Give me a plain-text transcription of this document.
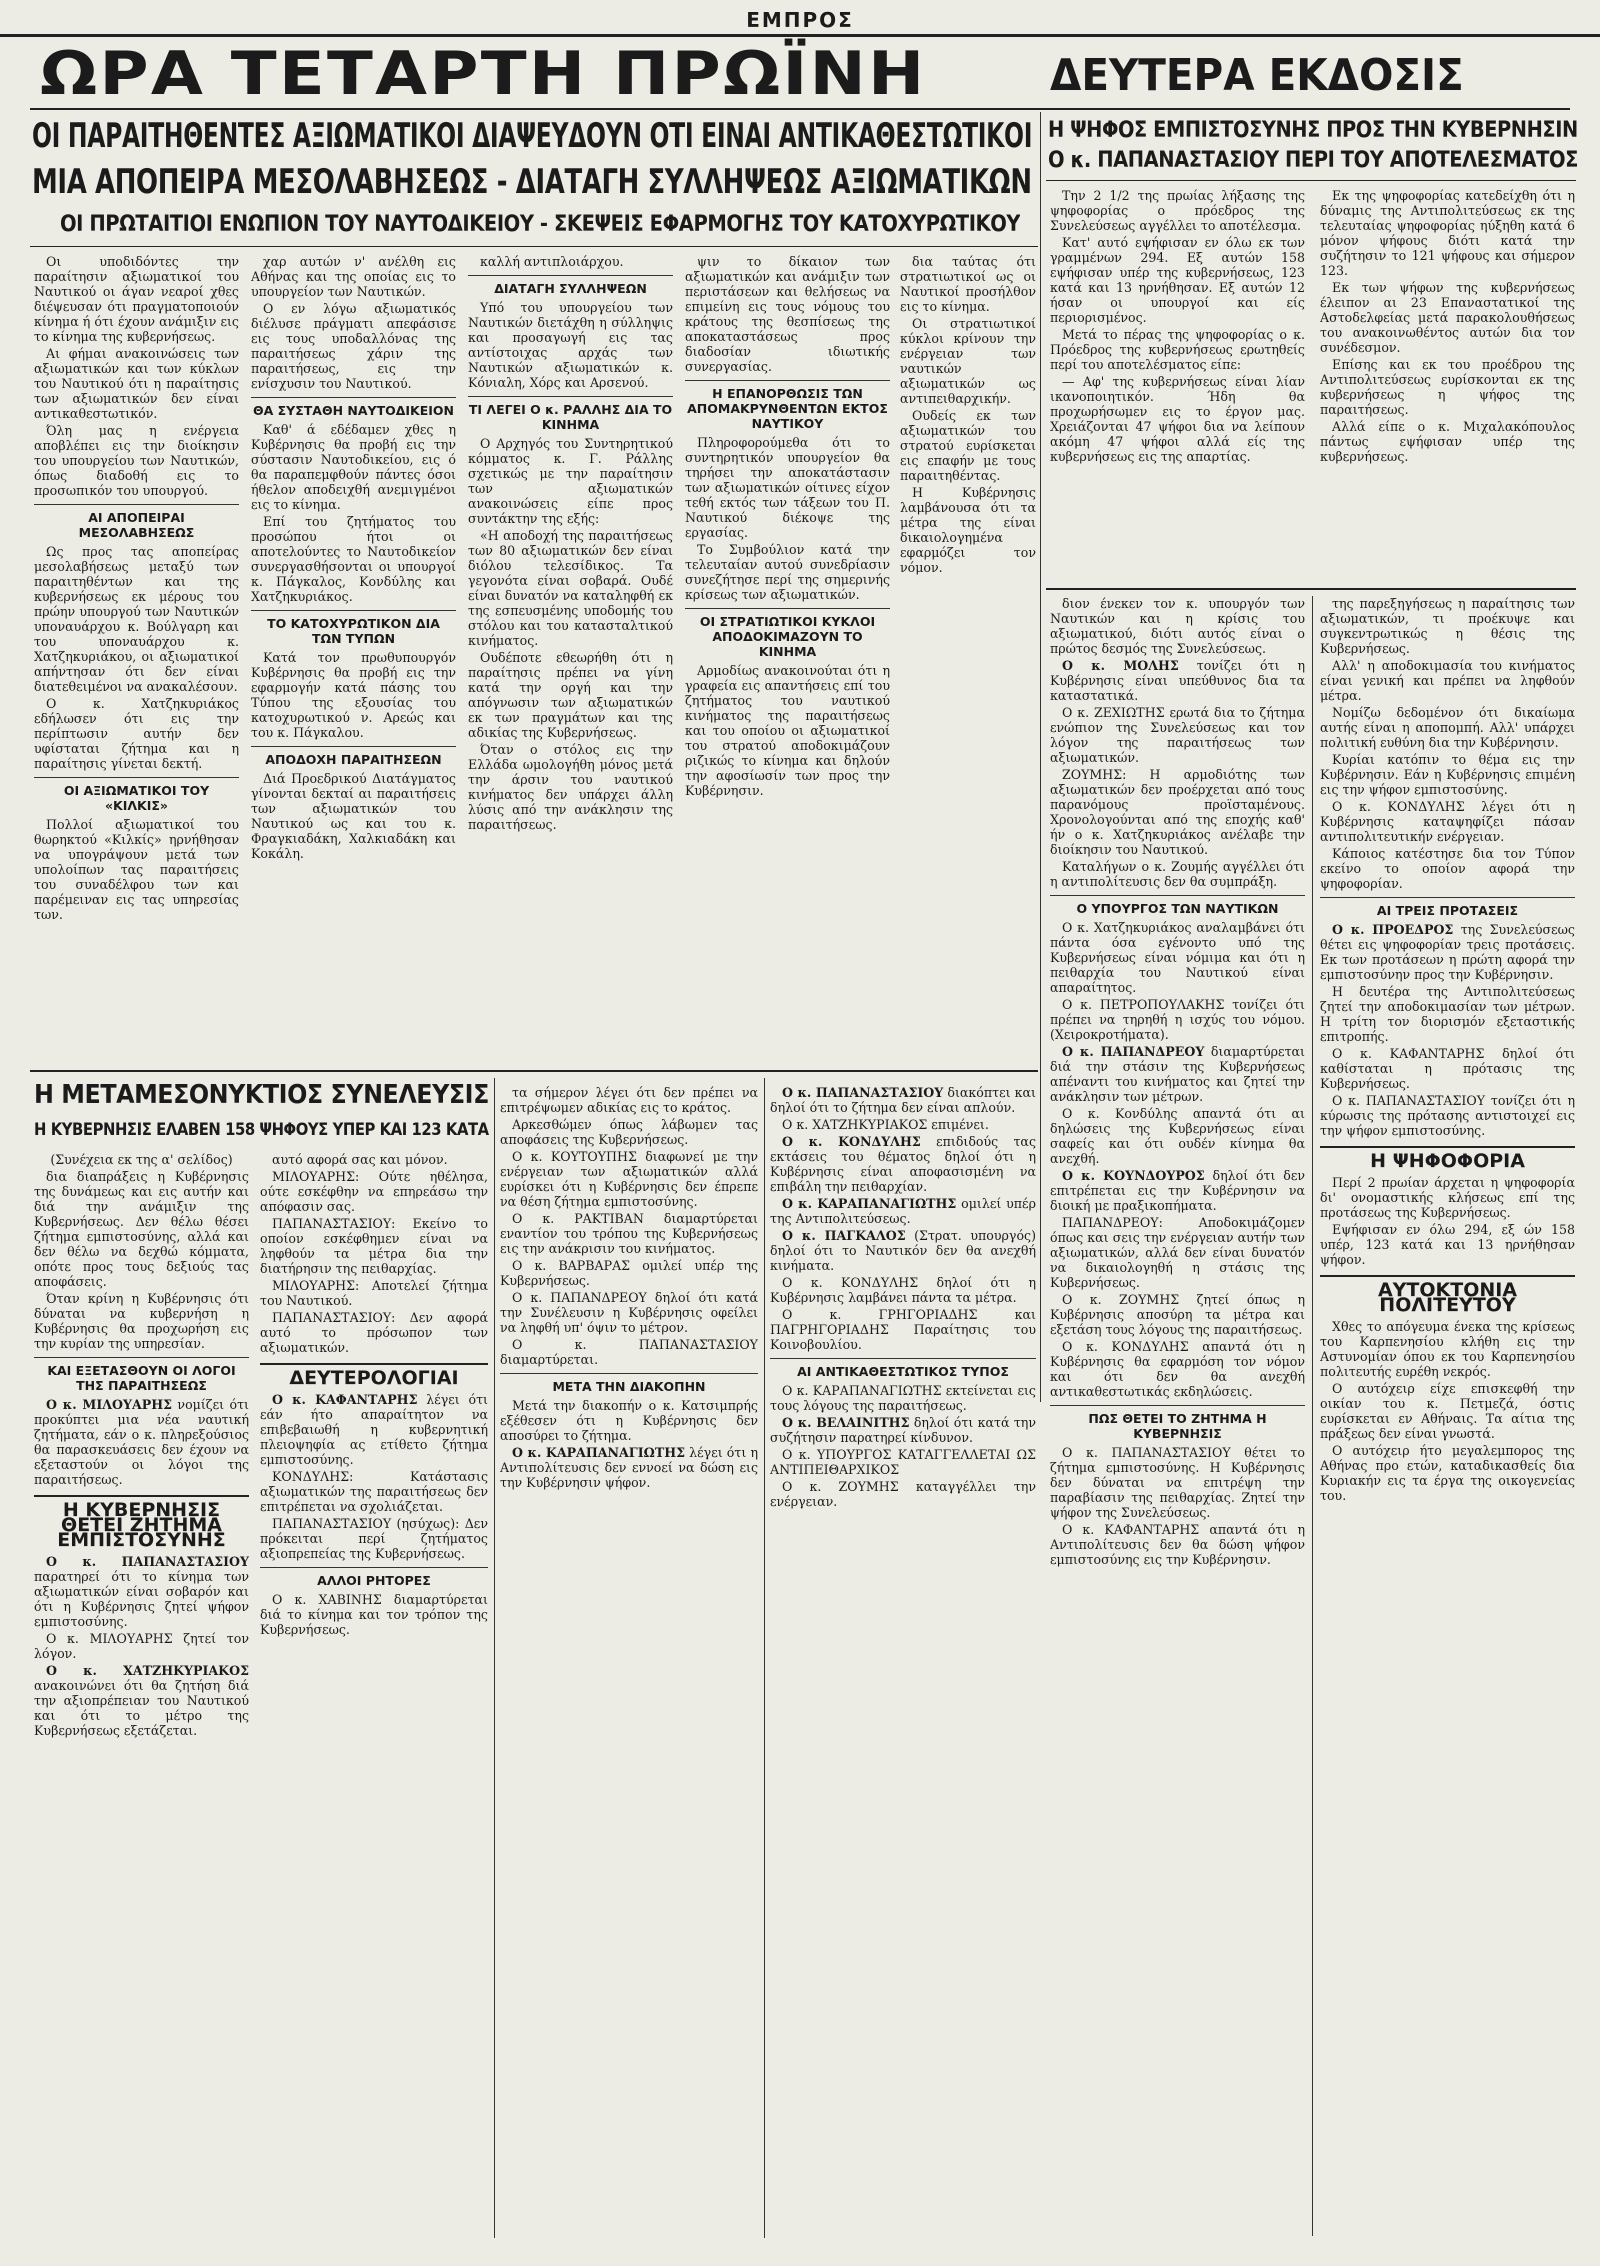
ΕΜΠΡΟΣ
ΩΡΑ ΤΕΤΑΡΤΗ ΠΡΩΪΝΗ	ΔΕΥΤΕΡΑ ΕΚΔΟΣΙΣ
ΟΙ ΠΑΡΑΙΤΗΘΕΝΤΕΣ ΑΞΙΩΜΑΤΙΚΟΙ ΔΙΑΨΕΥΔΟΥΝ ΟΤΙ ΕΙΝΑΙ ΑΝΤΙΚΑΘΕΣΤΩΤΙΚΟΙ
ΜΙΑ ΑΠΟΠΕΙΡΑ ΜΕΣΟΛΑΒΗΣΕΩΣ - ΔΙΑΤΑΓΗ ΣΥΛΛΗΨΕΩΣ ΑΞΙΩΜΑΤΙΚΩΝ
ΟΙ ΠΡΩΤΑΙΤΙΟΙ ΕΝΩΠΙΟΝ ΤΟΥ ΝΑΥΤΟΔΙΚΕΙΟΥ - ΣΚΕΨΕΙΣ ΕΦΑΡΜΟΓΗΣ ΤΟΥ ΚΑΤΟΧΥΡΩΤΙΚΟΥ

Οι υποδιδόντες την παραίτησιν αξιωματικοί του Ναυτικού οι άγαν νεαροί χθες διέψευσαν ότι πραγματοποιούν κίνημα ή ότι έχουν ανάμιξιν εις το κίνημα της κυβερνήσεως.

Αι φήμαι ανακοινώσεις των αξιωματικών και των κύκλων του Ναυτικού ότι η παραίτησις των αξιωματικών δεν είναι αντικαθεστωτικόν.

Όλη μας η ενέργεια αποβλέπει εις την διοίκησιν του υπουργείου των Ναυτικών, όπως διαδοθή εις το προσωπικόν του υπουργού.

ΑΙ ΑΠΟΠΕΙΡΑΙ ΜΕΣΟΛΑΒΗΣΕΩΣ

Ως προς τας αποπείρας μεσολαβήσεως μεταξύ των παραιτηθέντων και της κυβερνήσεως εκ μέρους του πρώην υπουργού των Ναυτικών υποναυάρχου κ. Βούλγαρη και του υποναυάρχου κ. Χατζηκυριάκου, οι αξιωματικοί απήντησαν ότι δεν είναι διατεθειμένοι να ανακαλέσουν.

Ο κ. Χατζηκυριάκος εδήλωσεν ότι εις την περίπτωσιν αυτήν δεν υφίσταται ζήτημα και η παραίτησις γίνεται δεκτή.

ΟΙ ΑΞΙΩΜΑΤΙΚΟΙ ΤΟΥ «ΚΙΛΚΙΣ»

Πολλοί αξιωματικοί του θωρηκτού «Κιλκίς» ηρνήθησαν να υπογράψουν μετά των υπολοίπων τας παραιτήσεις του συναδέλφου των και παρέμειναν εις τας υπηρεσίας των.

χαρ αυτών ν' ανέλθη εις Αθήνας και της οποίας εις το υπουργείον των Ναυτικών.

Ο εν λόγω αξιωματικός διέλυσε πράγματι απεφάσισε εις τους υποδαλλόνας της παραιτήσεως χάριν της παραιτήσεως, εις την ενίσχυσιν του Ναυτικού.

ΘΑ ΣΥΣΤΑΘΗ ΝΑΥΤΟΔΙΚΕΙΟΝ

Καθ' ά εδέδαμεν χθες η Κυβέρνησις θα προβή εις την σύστασιν Ναυτοδικείου, εις ό θα παραπεμφθούν πάντες όσοι ήθελον αποδειχθή ανεμιγμένοι εις το κίνημα.

Επί του ζητήματος του προσώπου ήτοι οι αποτελούντες το Ναυτοδικείον συνεργασθήσονται οι υπουργοί κ. Πάγκαλος, Κονδύλης και Χατζηκυριάκος.

ΤΟ ΚΑΤΟΧΥΡΩΤΙΚΟΝ ΔΙΑ ΤΩΝ ΤΥΠΩΝ

Κατά τον πρωθυπουργόν Κυβέρνησις θα προβή εις την εφαρμογήν κατά πάσης του Τύπου της εξουσίας του κατοχυρωτικού ν. Αρεώς και του κ. Πάγκαλου.

ΑΠΟΔΟΧΗ ΠΑΡΑΙΤΗΣΕΩΝ

Διά Προεδρικού Διατάγματος γίνονται δεκταί αι παραιτήσεις των αξιωματικών του Ναυτικού ως και του κ. Φραγκιαδάκη, Χαλκιαδάκη και Κοκάλη.

καλλή αντιπλοιάρχου.

ΔΙΑΤΑΓΗ ΣΥΛΛΗΨΕΩΝ

Υπό του υπουργείου των Ναυτικών διετάχθη η σύλληψις και προσαγωγή εις τας αντίστοιχας αρχάς των Ναυτικών αξιωματικών κ. Κόνιαλη, Χόρς και Αρσενού.

ΤΙ ΛΕΓΕΙ Ο κ. ΡΑΛΛΗΣ ΔΙΑ ΤΟ ΚΙΝΗΜΑ

Ο Αρχηγός του Συντηρητικού κόμματος κ. Γ. Ράλλης σχετικώς με την παραίτησιν των αξιωματικών ανακοινώσεις είπε προς συντάκτην της εξής:

«Η αποδοχή της παραιτήσεως των 80 αξιωματικών δεν είναι διόλου τελεσίδικος. Τα γεγονότα είναι σοβαρά. Ουδέ είναι δυνατόν να καταληφθή εκ της εσπευσμένης υποδομής του στόλου και του κατασταλτικού κινήματος.

Ουδέποτε εθεωρήθη ότι η παραίτησις πρέπει να γίνη κατά την οργή και την απόγνωσιν των αξιωματικών εκ των πραγμάτων και της αδικίας της Κυβερνήσεως.

Όταν ο στόλος εις την Ελλάδα ωμολογήθη μόνος μετά την άρσιν του ναυτικού κινήματος δεν υπάρχει άλλη λύσις από την ανάκλησιν της παραιτήσεως.

ψιν το δίκαιον των αξιωματικών και ανάμιξιν των περιστάσεων και θελήσεως να επιμείνη εις τους νόμους του κράτους της θεσπίσεως της αποκαταστάσεως προς διαδοσίαν ιδιωτικής συνεργασίας.

Η ΕΠΑΝΟΡΘΩΣΙΣ ΤΩΝ ΑΠΟΜΑΚΡΥΝΘΕΝΤΩΝ ΕΚΤΟΣ ΝΑΥΤΙΚΟΥ

Πληροφορούμεθα ότι το συντηρητικόν υπουργείον θα τηρήσει την αποκατάστασιν των αξιωματικών οίτινες είχον τεθή εκτός των τάξεων του Π. Ναυτικού διέκοψε της εργασίας.

Το Συμβούλιον κατά την τελευταίαν αυτού συνεδρίασιν συνεζήτησε περί της σημερινής κρίσεως των αξιωματικών.

ΟΙ ΣΤΡΑΤΙΩΤΙΚΟΙ ΚΥΚΛΟΙ ΑΠΟΔΟΚΙΜΑΖΟΥΝ ΤΟ ΚΙΝΗΜΑ

Αρμοδίως ανακοινούται ότι η γραφεία εις απαντήσεις επί του ζητήματος του ναυτικού κινήματος της παραιτήσεως και του οποίου οι αξιωματικοί του στρατού αποδοκιμάζουν ριζικώς το κίνημα και δηλούν την αφοσίωσίν των προς την Κυβέρνησιν.

δια ταύτας ότι στρατιωτικοί ως οι Ναυτικοί προσήλθον εις το κίνημα.

Οι στρατιωτικοί κύκλοι κρίνουν την ενέργειαν των ναυτικών αξιωματικών ως αντιπειθαρχικήν.

Ουδείς εκ των αξιωματικών του στρατού ευρίσκεται εις επαφήν με τους παραιτηθέντας.

Η Κυβέρνησις λαμβάνουσα ότι τα μέτρα της είναι δικαιολογημένα εφαρμόζει τον νόμον.

Η ΨΗΦΟΣ ΕΜΠΙΣΤΟΣΥΝΗΣ ΠΡΟΣ ΤΗΝ ΚΥΒΕΡΝΗΣΙΝ
Ο κ. ΠΑΠΑΝΑΣΤΑΣΙΟΥ ΠΕΡΙ ΤΟΥ ΑΠΟΤΕΛΕΣΜΑΤΟΣ

Την 2 1/2 της πρωίας λήξασης της ψηφοφορίας ο πρόεδρος της Συνελεύσεως αγγέλλει το αποτέλεσμα.

Κατ' αυτό εψήφισαν εν όλω εκ των γραμμένων 294. Εξ αυτών 158 εψήφισαν υπέρ της κυβερνήσεως, 123 κατά και 13 ηρνήθησαν. Εξ αυτών 12 ήσαν οι υπουργοί και είς περιορισμένος.

Μετά το πέρας της ψηφοφορίας ο κ. Πρόεδρος της κυβερνήσεως ερωτηθείς περί του αποτελέσματος είπε:

— Αφ' της κυβερνήσεως είναι λίαν ικανοποιητικόν. Ήδη θα προχωρήσωμεν εις το έργον μας. Χρειάζονται 47 ψήφοι δια να λείπουν ακόμη 47 ψήφοι αλλά είς της κυβερνήσεως εις της απαρτίας.

Εκ της ψηφοφορίας κατεδείχθη ότι η δύναμις της Αντιπολιτεύσεως εκ της τελευταίας ψηφοφορίας ηύξηθη κατά 6 μόνον ψήφους διότι κατά την συζήτησιν το 121 ψήφους και σήμερον 123.

Εκ των ψήφων της κυβερνήσεως έλειπον αι 23 Επαναστατικοί της Αστοδελφείας μετά παρακολουθήσεως του ανακοινωθέντος αυτών δια τον συνέδεσμον.

Επίσης και εκ του προέδρου της Αντιπολιτεύσεως ευρίσκονται εκ της κυβερνήσεως η ψήφος της παραιτήσεως.

Αλλά είπε ο κ. Μιχαλακόπουλος πάντως εψήφισαν υπέρ της κυβερνήσεως.

διον ένεκεν τον κ. υπουργόν των Ναυτικών και η κρίσις του αξιωματικού, διότι αυτός είναι ο πρώτος δεσμός της Συνελεύσεως.

Ο κ. ΜΟΛΗΣ τονίζει ότι η Κυβέρνησις είναι υπεύθυνος δια τα καταστατικά.

Ο κ. ΖΕΧΙΩΤΗΣ ερωτά δια το ζήτημα ενώπιον της Συνελεύσεως και τον λόγον της παραιτήσεως των αξιωματικών.

ΖΟΥΜΗΣ: Η αρμοδιότης των αξιωματικών δεν προέρχεται από τους παρανόμους προϊσταμένους. Χρονολογούνται από της εποχής καθ' ήν ο κ. Χατζηκυριάκος ανέλαβε την διοίκησιν του Ναυτικού.

Καταλήγων ο κ. Ζουμής αγγέλλει ότι η αντιπολίτευσις δεν θα συμπράξη.

Ο ΥΠΟΥΡΓΟΣ ΤΩΝ ΝΑΥΤΙΚΩΝ

Ο κ. Χατζηκυριάκος αναλαμβάνει ότι πάντα όσα εγένοντο υπό της Κυβερνήσεως είναι νόμιμα και ότι η πειθαρχία του Ναυτικού είναι απαραίτητος.

Ο κ. ΠΕΤΡΟΠΟΥΛΑΚΗΣ τονίζει ότι πρέπει να τηρηθή η ισχύς του νόμου. (Χειροκροτήματα).

Ο κ. ΠΑΠΑΝΔΡΕΟΥ διαμαρτύρεται διά την στάσιν της Κυβερνήσεως απέναντι του κινήματος και ζητεί την ανάκλησιν των μέτρων.

Ο κ. Κονδύλης απαντά ότι αι δηλώσεις της Κυβερνήσεως είναι σαφείς και ότι ουδέν κίνημα θα ανεχθή.

Ο κ. ΚΟΥΝΔΟΥΡΟΣ δηλοί ότι δεν επιτρέπεται εις την Κυβέρνησιν να διοική με πραξικοπήματα.

ΠΑΠΑΝΔΡΕΟΥ: Αποδοκιμάζομεν όπως και σεις την ενέργειαν αυτήν των αξιωματικών, αλλά δεν είναι δυνατόν να δικαιολογηθή η στάσις της Κυβερνήσεως.

Ο κ. ΖΟΥΜΗΣ ζητεί όπως η Κυβέρνησις αποσύρη τα μέτρα και εξετάση τους λόγους της παραιτήσεως.

Ο κ. ΚΟΝΔΥΛΗΣ απαντά ότι η Κυβέρνησις θα εφαρμόση τον νόμον και ότι δεν θα ανεχθή αντικαθεστωτικάς εκδηλώσεις.

ΠΩΣ ΘΕΤΕΙ ΤΟ ΖΗΤΗΜΑ Η ΚΥΒΕΡΝΗΣΙΣ

Ο κ. ΠΑΠΑΝΑΣΤΑΣΙΟΥ θέτει το ζήτημα εμπιστοσύνης. Η Κυβέρνησις δεν δύναται να επιτρέψη την παραβίασιν της πειθαρχίας. Ζητεί την ψήφον της Συνελεύσεως.

Ο κ. ΚΑΦΑΝΤΑΡΗΣ απαντά ότι η Αντιπολίτευσις δεν θα δώση ψήφον εμπιστοσύνης εις την Κυβέρνησιν.

της παρεξηγήσεως η παραίτησις των αξιωματικών, τι προέκυψε και συγκεντρωτικώς η θέσις της Κυβερνήσεως.

Αλλ' η αποδοκιμασία του κινήματος είναι γενική και πρέπει να ληφθούν μέτρα.

Νομίζω δεδομένον ότι δικαίωμα αυτής είναι η αποπομπή. Αλλ' υπάρχει πολιτική ευθύνη δια την Κυβέρνησιν.

Κυρίαι κατόπιν το θέμα εις την Κυβέρνησιν. Εάν η Κυβέρνησις επιμένη εις την ψήφον εμπιστοσύνης.

Ο κ. ΚΟΝΔΥΛΗΣ λέγει ότι η Κυβέρνησις καταψηφίζει πάσαν αντιπολιτευτικήν ενέργειαν.

Κάποιος κατέστησε δια τον Τύπον εκείνο το οποίον αφορά την ψηφοφορίαν.

ΑΙ ΤΡΕΙΣ ΠΡΟΤΑΣΕΙΣ

Ο κ. ΠΡΟΕΔΡΟΣ της Συνελεύσεως θέτει εις ψηφοφορίαν τρεις προτάσεις. Εκ των προτάσεων η πρώτη αφορά την εμπιστοσύνην προς την Κυβέρνησιν.

Η δευτέρα της Αντιπολιτεύσεως ζητεί την αποδοκιμασίαν των μέτρων. Η τρίτη τον διορισμόν εξεταστικής επιτροπής.

Ο κ. ΚΑΦΑΝΤΑΡΗΣ δηλοί ότι καθίσταται η πρότασις της Κυβερνήσεως.

Ο κ. ΠΑΠΑΝΑΣΤΑΣΙΟΥ τονίζει ότι η κύρωσις της πρότασης αντιστοιχεί εις την ψήφον εμπιστοσύνης.

Η ΨΗΦΟΦΟΡΙΑ

Περί 2 πρωίαν άρχεται η ψηφοφορία δι' ονομαστικής κλήσεως επί της προτάσεως της Κυβερνήσεως.

Εψήφισαν εν όλω 294, εξ ών 158 υπέρ, 123 κατά και 13 ηρνήθησαν ψήφον.

ΑΥΤΟΚΤΟΝΙΑ ΠΟΛΙΤΕΥΤΟΥ

Χθες το απόγευμα ένεκα της κρίσεως του Καρπενησίου κλήθη εις την Αστυνομίαν όπου εκ του Καρπενησίου πολιτευτής ευρέθη νεκρός.

Ο αυτόχειρ είχε επισκεφθή την οικίαν του κ. Πετμεζά, όστις ευρίσκεται εν Αθήναις. Τα αίτια της πράξεως δεν είναι γνωστά.

Ο αυτόχειρ ήτο μεγαλεμπορος της Αθήνας προ ετών, καταδικασθείς δια Κυριακήν εις τα έργα της οικογενείας του.

Η ΜΕΤΑΜΕΣΟΝΥΚΤΙΟΣ ΣΥΝΕΛΕΥΣΙΣ
Η ΚΥΒΕΡΝΗΣΙΣ ΕΛΑΒΕΝ 158 ΨΗΦΟΥΣ ΥΠΕΡ ΚΑΙ 123 ΚΑΤΑ

(Συνέχεια εκ της α' σελίδος)

δια διαπράξεις η Κυβέρνησις της δυνάμεως και εις αυτήν και διά την ανάμιξιν της Κυβερνήσεως. Δεν θέλω θέσει ζήτημα εμπιστοσύνης, αλλά και δεν θέλω να δεχθώ κόμματα, οπότε προς τους δεξιούς τας αποφάσεις.

Όταν κρίνη η Κυβέρνησις ότι δύναται να κυβερνήση η Κυβέρνησις θα προχωρήση εις την κυρίαν της υπηρεσίαν.

ΚΑΙ ΕΞΕΤΑΣΘΟΥΝ ΟΙ ΛΟΓΟΙ ΤΗΣ ΠΑΡΑΙΤΗΣΕΩΣ

Ο κ. ΜΙΛΟΥΑΡΗΣ νομίζει ότι προκύπτει μια νέα ναυτική ζητήματα, εάν ο κ. πληρεξούσιος θα παρασκευάσεις δεν έχουν να εξεταστούν οι λόγοι της παραιτήσεως.

Η ΚΥΒΕΡΝΗΣΙΣ ΘΕΤΕΙ ΖΗΤΗΜΑ ΕΜΠΙΣΤΟΣΥΝΗΣ

Ο κ. ΠΑΠΑΝΑΣΤΑΣΙΟΥ παρατηρεί ότι το κίνημα των αξιωματικών είναι σοβαρόν και ότι η Κυβέρνησις ζητεί ψήφον εμπιστοσύνης.

Ο κ. ΜΙΛΟΥΑΡΗΣ ζητεί τον λόγον.

Ο κ. ΧΑΤΖΗΚΥΡΙΑΚΟΣ ανακοινώνει ότι θα ζητήση διά την αξιοπρέπειαν του Ναυτικού και ότι το μέτρο της Κυβερνήσεως εξετάζεται.

αυτό αφορά σας και μόνον.

ΜΙΛΟΥΑΡΗΣ: Ούτε ηθέλησα, ούτε εσκέφθην να επηρεάσω την απόφασιν σας.

ΠΑΠΑΝΑΣΤΑΣΙΟΥ: Εκείνο το οποίον εσκέφθημεν είναι να ληφθούν τα μέτρα δια την διατήρησιν της πειθαρχίας.

ΜΙΛΟΥΑΡΗΣ: Αποτελεί ζήτημα του Ναυτικού.

ΠΑΠΑΝΑΣΤΑΣΙΟΥ: Δεν αφορά αυτό το πρόσωπον των αξιωματικών.

ΔΕΥΤΕΡΟΛΟΓΙΑΙ

Ο κ. ΚΑΦΑΝΤΑΡΗΣ λέγει ότι εάν ήτο απαραίτητον να επιβεβαιωθή η κυβερνητική πλειοψηφία ας ετίθετο ζήτημα εμπιστοσύνης.

ΚΟΝΔΥΛΗΣ: Κατάστασις αξιωματικών της παραιτήσεως δεν επιτρέπεται να σχολιάζεται.

ΠΑΠΑΝΑΣΤΑΣΙΟΥ (ησύχως): Δεν πρόκειται περί ζητήματος αξιοπρεπείας της Κυβερνήσεως.

ΑΛΛΟΙ ΡΗΤΟΡΕΣ

Ο κ. ΧΑΒΙΝΗΣ διαμαρτύρεται διά το κίνημα και τον τρόπον της Κυβερνήσεως.

τα σήμερον λέγει ότι δεν πρέπει να επιτρέψωμεν αδικίας εις το κράτος.

Αρκεσθώμεν όπως λάβωμεν τας αποφάσεις της Κυβερνήσεως.

Ο κ. ΚΟΥΤΟΥΠΗΣ διαφωνεί με την ενέργειαν των αξιωματικών αλλά ευρίσκει ότι η Κυβέρνησις δεν έπρεπε να θέση ζήτημα εμπιστοσύνης.

Ο κ. ΡΑΚΤΙΒΑΝ διαμαρτύρεται εναντίον του τρόπου της Κυβερνήσεως εις την ανάκρισιν του κινήματος.

Ο κ. ΒΑΡΒΑΡΑΣ ομιλεί υπέρ της Κυβερνήσεως.

Ο κ. ΠΑΠΑΝΔΡΕΟΥ δηλοί ότι κατά την Συνέλευσιν η Κυβέρνησις οφείλει να ληφθή υπ' όψιν το μέτρον.

Ο κ. ΠΑΠΑΝΑΣΤΑΣΙΟΥ διαμαρτύρεται.

ΜΕΤΑ ΤΗΝ ΔΙΑΚΟΠΗΝ

Μετά την διακοπήν ο κ. Κατσιμπρής εξέθεσεν ότι η Κυβέρνησις δεν αποσύρει το ζήτημα.

Ο κ. ΚΑΡΑΠΑΝΑΓΙΩΤΗΣ λέγει ότι η Αντιπολίτευσις δεν εννοεί να δώση εις την Κυβέρνησιν ψήφον.

Ο κ. ΠΑΠΑΝΑΣΤΑΣΙΟΥ διακόπτει και δηλοί ότι το ζήτημα δεν είναι απλούν.

Ο κ. ΧΑΤΖΗΚΥΡΙΑΚΟΣ επιμένει.

Ο κ. ΚΟΝΔΥΛΗΣ επιδιδούς τας εκτάσεις του θέματος δηλοί ότι η Κυβέρνησις είναι αποφασισμένη να επιβάλη την πειθαρχίαν.

Ο κ. ΚΑΡΑΠΑΝΑΓΙΩΤΗΣ ομιλεί υπέρ της Αντιπολιτεύσεως.

Ο κ. ΠΑΓΚΑΛΟΣ (Στρατ. υπουργός) δηλοί ότι το Ναυτικόν δεν θα ανεχθή κινήματα.

Ο κ. ΚΟΝΔΥΛΗΣ δηλοί ότι η Κυβέρνησις λαμβάνει πάντα τα μέτρα.

Ο κ. ΓΡΗΓΟΡΙΑΔΗΣ και ΠΑΓΡΗΓΟΡΙΑΔΗΣ Παραίτησις του Κοινοβουλίου.

ΑΙ ΑΝΤΙΚΑΘΕΣΤΩΤΙΚΟΣ ΤΥΠΟΣ

Ο κ. ΚΑΡΑΠΑΝΑΓΙΩΤΗΣ εκτείνεται εις τους λόγους της παραιτήσεως.

Ο κ. ΒΕΛΑΙΝΙΤΗΣ δηλοί ότι κατά την συζήτησιν παρατηρεί κίνδυνον.

Ο κ. ΥΠΟΥΡΓΟΣ ΚΑΤΑΓΓΕΛΛΕΤΑΙ ΩΣ ΑΝΤΙΠΕΙΘΑΡΧΙΚΟΣ

Ο κ. ΖΟΥΜΗΣ καταγγέλλει την ενέργειαν.
